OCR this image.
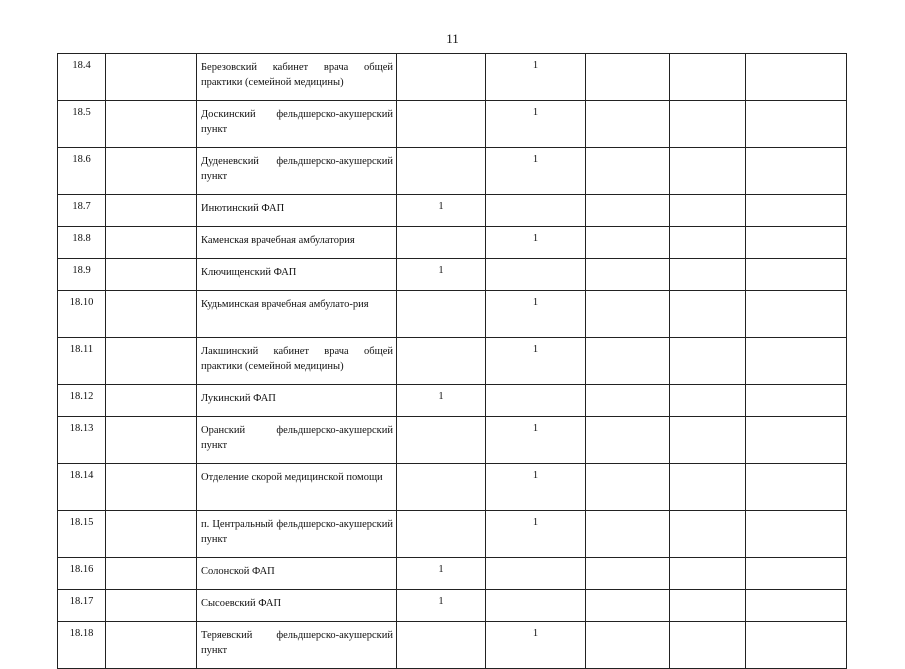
11
18.4		Березовский кабинет врача общей практики (семейной медицины)		1			
18.5		Доскинский фельдшерско-акушерский пункт		1			
18.6		Дуденевский фельдшерско-акушерский пункт		1			
18.7		Инютинский ФАП	1				
18.8		Каменская врачебная амбулатория		1			
18.9		Ключищенский ФАП	1				
18.10		Кудьминская врачебная амбулато-рия		1			
18.11		Лакшинский кабинет врача общей практики (семейной медицины)		1			
18.12		Лукинский ФАП	1				
18.13		Оранский фельдшерско-акушерский пункт		1			
18.14		Отделение скорой медицинской помощи		1			
18.15		п. Центральный фельдшерско-акушерский пункт		1			
18.16		Солонской ФАП	1				
18.17		Сысоевский ФАП	1				
18.18		Теряевский фельдшерско-акушерский пункт		1			
